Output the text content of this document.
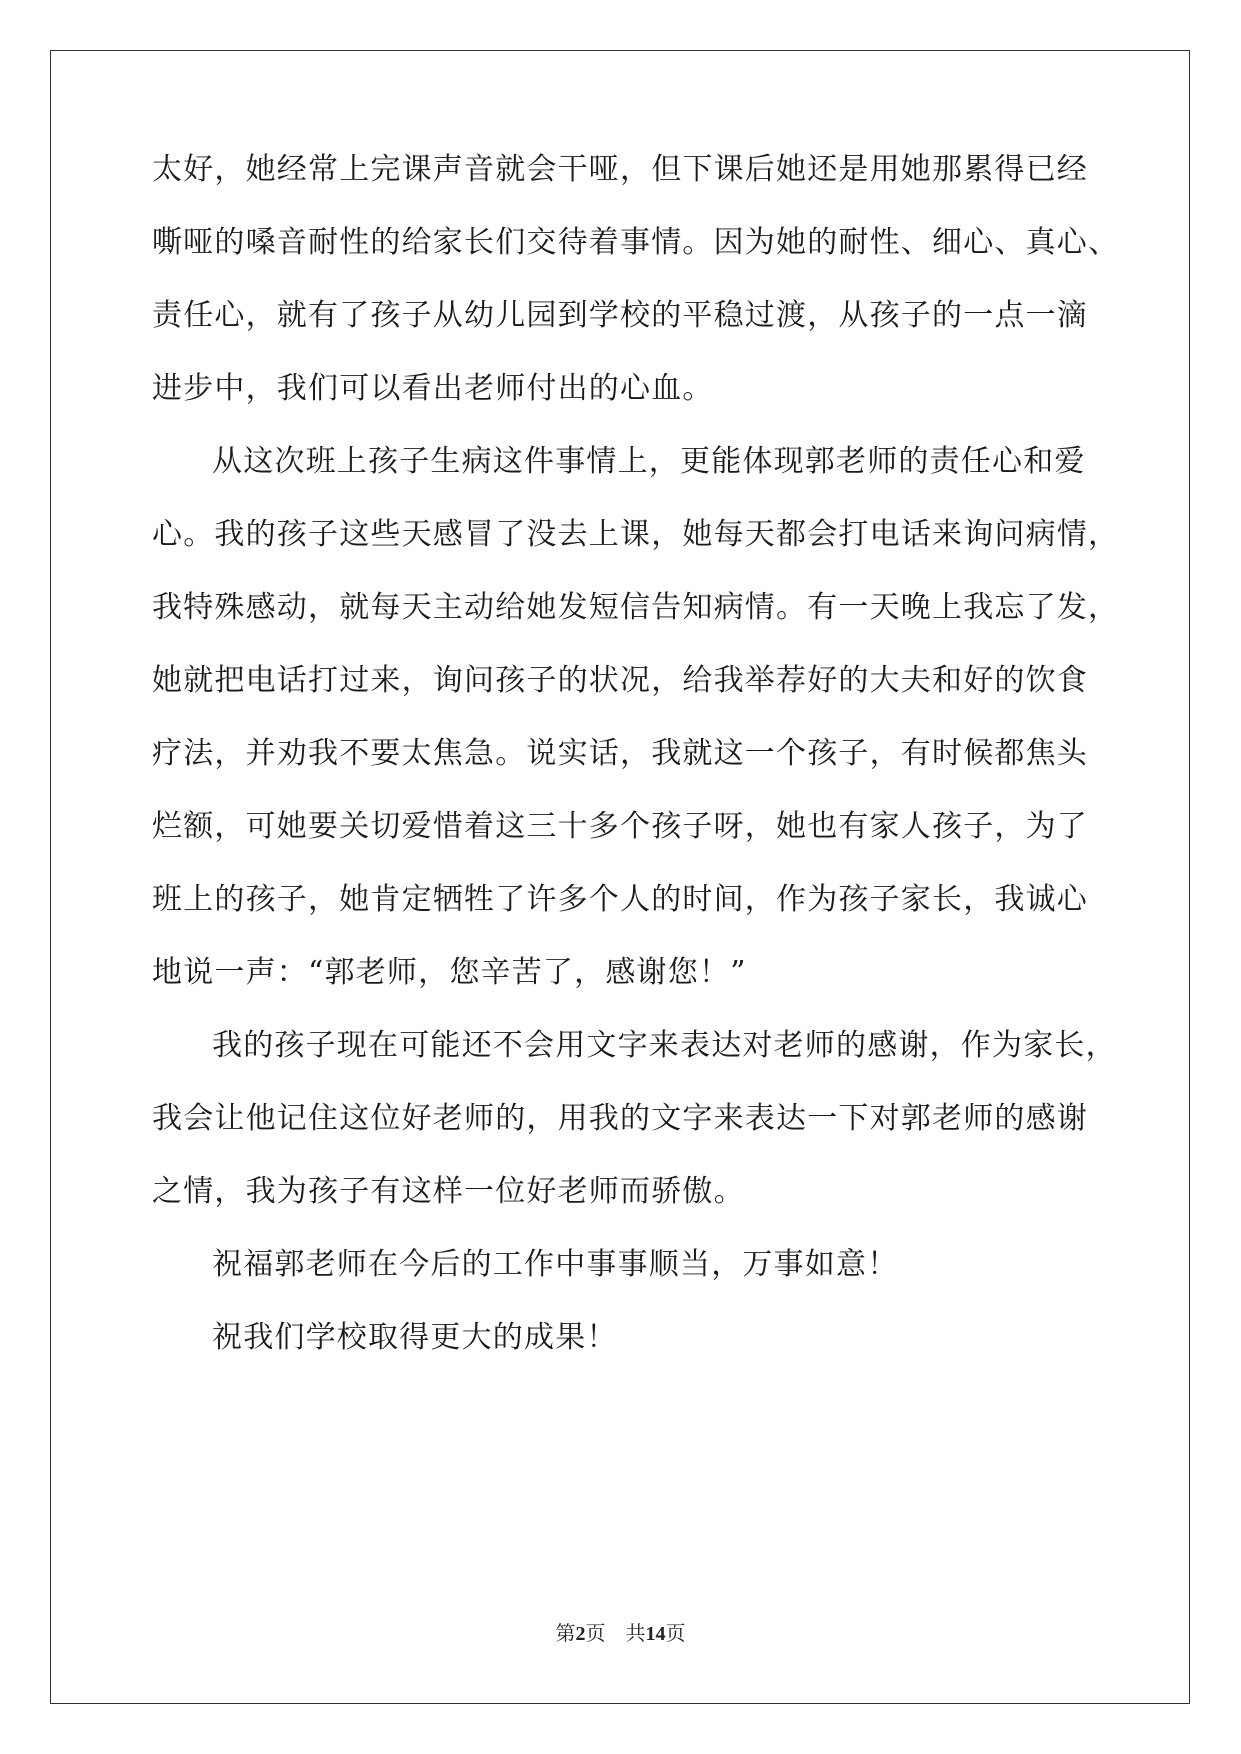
太好，她经常上完课声音就会干哑，但下课后她还是用她那累得已经
嘶哑的嗓音耐性的给家长们交待着事情。因为她的耐性、细心、真心、
责任心，就有了孩子从幼儿园到学校的平稳过渡，从孩子的一点一滴
进步中，我们可以看出老师付出的心血。
从这次班上孩子生病这件事情上，更能体现郭老师的责任心和爱
心。我的孩子这些天感冒了没去上课，她每天都会打电话来询问病情，
我特殊感动，就每天主动给她发短信告知病情。有一天晚上我忘了发，
她就把电话打过来，询问孩子的状况，给我举荐好的大夫和好的饮食
疗法，并劝我不要太焦急。说实话，我就这一个孩子，有时候都焦头
烂额，可她要关切爱惜着这三十多个孩子呀，她也有家人孩子，为了
班上的孩子，她肯定牺牲了许多个人的时间，作为孩子家长，我诚心
地说一声：“郭老师，您辛苦了，感谢您！”
我的孩子现在可能还不会用文字来表达对老师的感谢，作为家长，
我会让他记住这位好老师的，用我的文字来表达一下对郭老师的感谢
之情，我为孩子有这样一位好老师而骄傲。
祝福郭老师在今后的工作中事事顺当，万事如意！
祝我们学校取得更大的成果！
第2页 共14页
